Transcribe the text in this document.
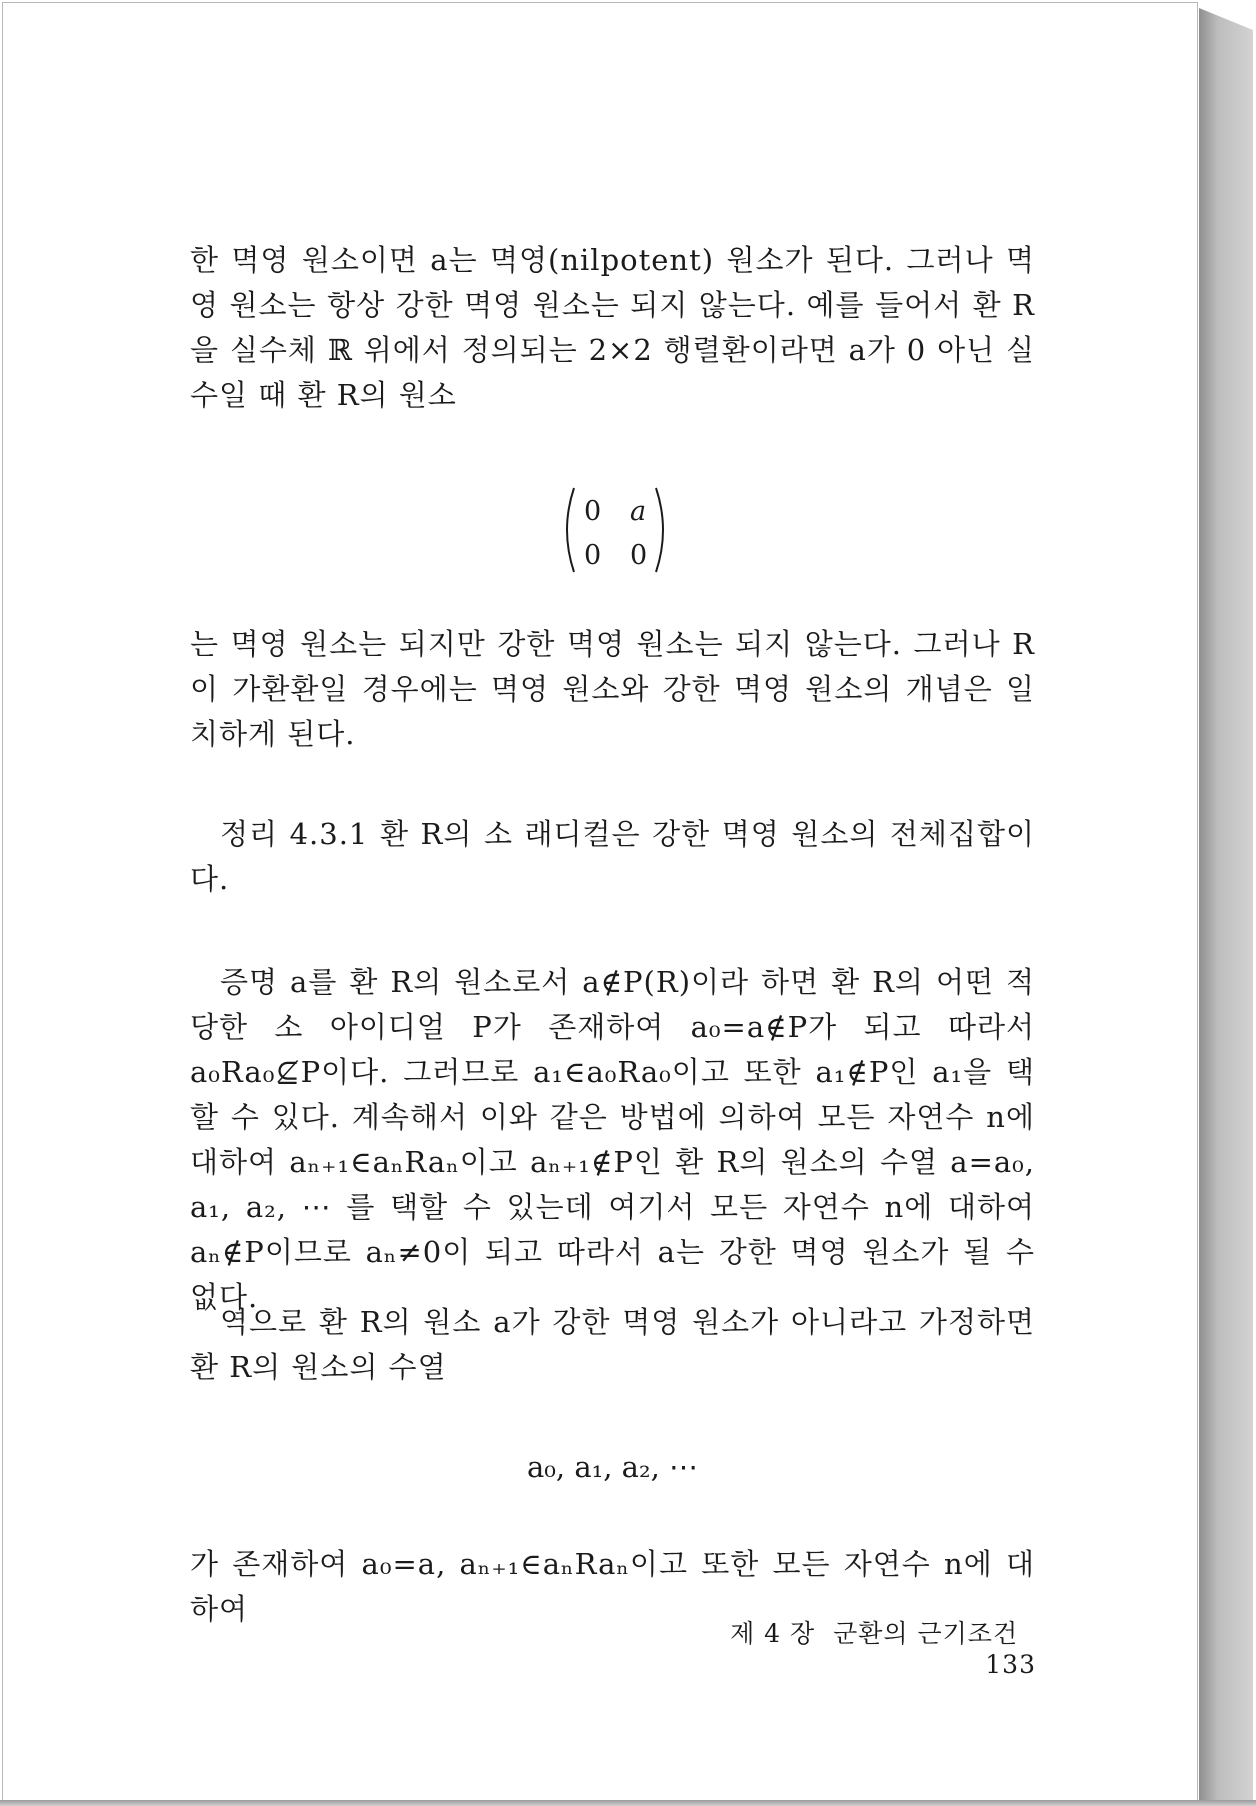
한 멱영 원소이면 a는 멱영(nilpotent) 원소가 된다. 그러나 멱영 원소는 항상 강한 멱영 원소는 되지 않는다. 예를 들어서 환 R을 실수체 ℝ 위에서 정의되는 2×2 행렬환이라면 a가 0 아닌 실수일 때 환 R의 원소

0 a
0 0

는 멱영 원소는 되지만 강한 멱영 원소는 되지 않는다. 그러나 R이 가환환일 경우에는 멱영 원소와 강한 멱영 원소의 개념은 일치하게 된다.

정리 4.3.1 환 R의 소 래디컬은 강한 멱영 원소의 전체집합이다.

증명 a를 환 R의 원소로서 a∉P(R)이라 하면 환 R의 어떤 적당한 소 아이디얼 P가 존재하여 a₀=a∉P가 되고 따라서 a₀Ra₀⊈P이다. 그러므로 a₁∈a₀Ra₀이고 또한 a₁∉P인 a₁을 택할 수 있다. 계속해서 이와 같은 방법에 의하여 모든 자연수 n에 대하여 aₙ₊₁∈aₙRaₙ이고 aₙ₊₁∉P인 환 R의 원소의 수열 a=a₀, a₁, a₂, ⋯ 를 택할 수 있는데 여기서 모든 자연수 n에 대하여 aₙ∉P이므로 aₙ≠0이 되고 따라서 a는 강한 멱영 원소가 될 수 없다.

역으로 환 R의 원소 a가 강한 멱영 원소가 아니라고 가정하면 환 R의 원소의 수열

a₀, a₁, a₂, ⋯

가 존재하여 a₀=a, aₙ₊₁∈aₙRaₙ이고 또한 모든 자연수 n에 대하여

제 4 장 군환의 근기조건   133
